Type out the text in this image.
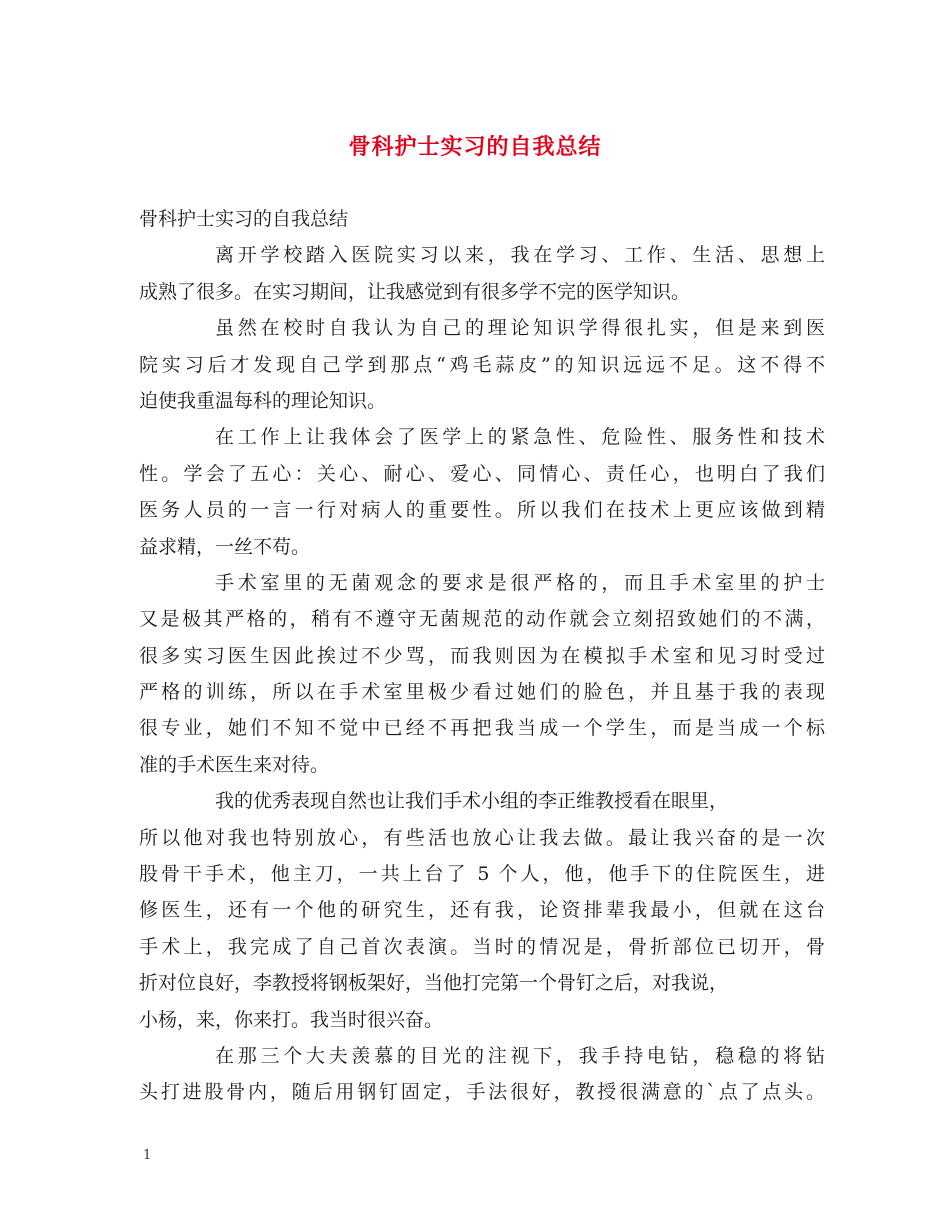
骨科护士实习的自我总结
骨科护士实习的自我总结
离开学校踏入医院实习以来，我在学习、工作、生活、思想上
成熟了很多。在实习期间，让我感觉到有很多学不完的医学知识。
虽然在校时自我认为自己的理论知识学得很扎实，但是来到医
院实习后才发现自己学到那点“鸡毛蒜皮”的知识远远不足。这不得不
迫使我重温每科的理论知识。
在工作上让我体会了医学上的紧急性、危险性、服务性和技术
性。学会了五心：关心、耐心、爱心、同情心、责任心，也明白了我们
医务人员的一言一行对病人的重要性。所以我们在技术上更应该做到精
益求精，一丝不苟。
手术室里的无菌观念的要求是很严格的，而且手术室里的护士
又是极其严格的，稍有不遵守无菌规范的动作就会立刻招致她们的不满，
很多实习医生因此挨过不少骂，而我则因为在模拟手术室和见习时受过
严格的训练，所以在手术室里极少看过她们的脸色，并且基于我的表现
很专业，她们不知不觉中已经不再把我当成一个学生，而是当成一个标
准的手术医生来对待。
我的优秀表现自然也让我们手术小组的李正维教授看在眼里，
所以他对我也特别放心，有些活也放心让我去做。最让我兴奋的是一次
股骨干手术，他主刀，一共上台了 5 个人，他，他手下的住院医生，进
修医生，还有一个他的研究生，还有我，论资排辈我最小，但就在这台
手术上，我完成了自己首次表演。当时的情况是，骨折部位已切开，骨
折对位良好，李教授将钢板架好，当他打完第一个骨钉之后，对我说，
小杨，来，你来打。我当时很兴奋。
在那三个大夫羡慕的目光的注视下，我手持电钻，稳稳的将钻
头打进股骨内，随后用钢钉固定，手法很好，教授很满意的`点了点头。
1
